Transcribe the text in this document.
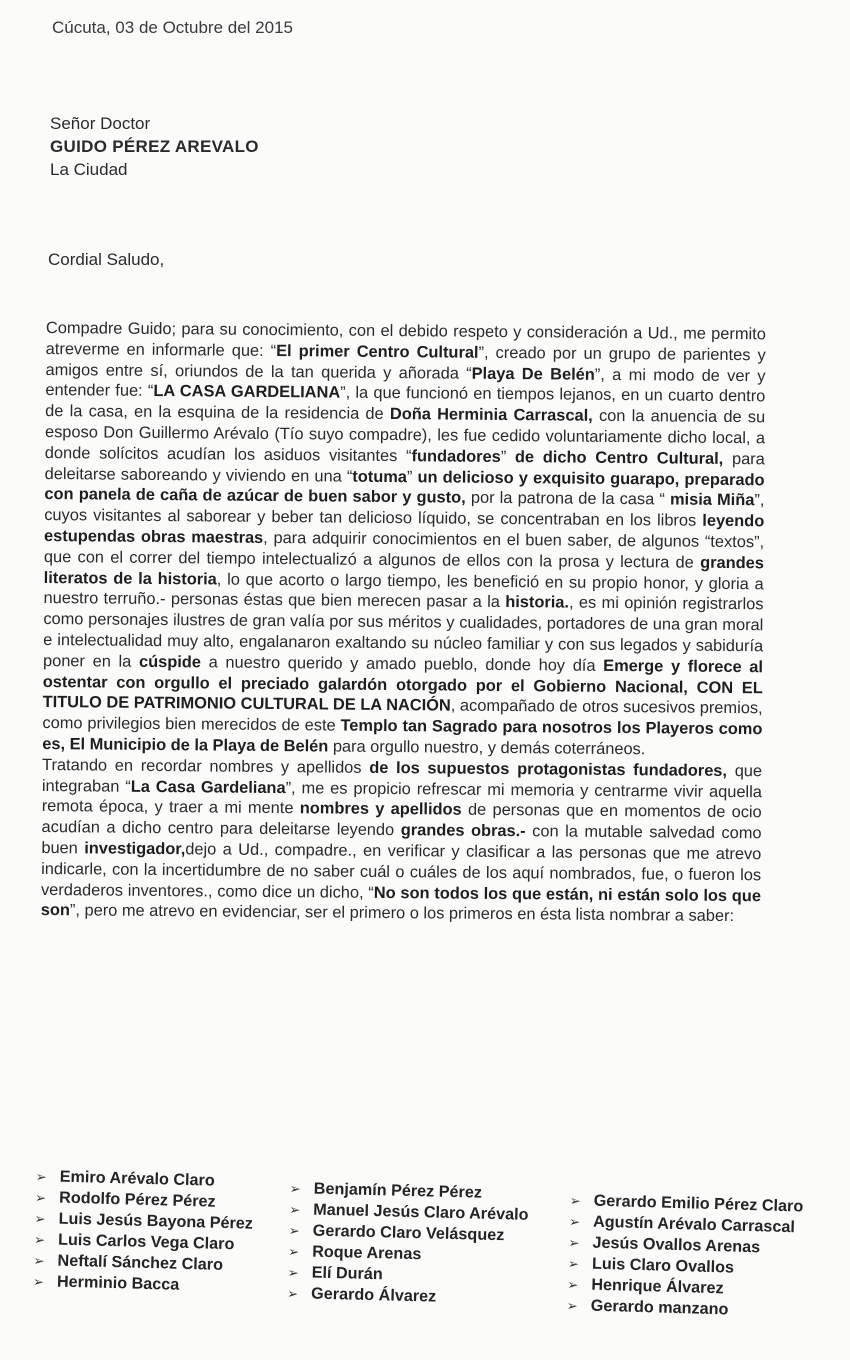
Cúcuta, 03 de Octubre del 2015
Señor Doctor
GUIDO PÉREZ AREVALO
La Ciudad
Cordial Saludo,

Compadre Guido; para su conocimiento, con el debido respeto y consideración a Ud., me permito atreverme en informarle que: “El primer Centro Cultural”, creado por un grupo de parientes y amigos entre sí, oriundos de la tan querida y añorada “Playa De Belén”, a mi modo de ver y entender fue: “LA CASA GARDELIANA”, la que funcionó en tiempos lejanos, en un cuarto dentro de la casa, en la esquina de la residencia de Doña Herminia Carrascal, con la anuencia de su esposo Don Guillermo Arévalo (Tío suyo compadre), les fue cedido voluntariamente dicho local, a donde solícitos acudían los asiduos visitantes “fundadores” de dicho Centro Cultural, para deleitarse saboreando y viviendo en una “totuma” un delicioso y exquisito guarapo, preparado con panela de caña de azúcar de buen sabor y gusto, por la patrona de la casa “ misia Miña”, cuyos visitantes al saborear y beber tan delicioso líquido, se concentraban en los libros leyendo estupendas obras maestras, para adquirir conocimientos en el buen saber, de algunos “textos”, que con el correr del tiempo intelectualizó a algunos de ellos con la prosa y lectura de grandes literatos de la historia, lo que acorto o largo tiempo, les benefició en su propio honor, y gloria a nuestro terruño.- personas éstas que bien merecen pasar a la historia., es mi opinión registrarlos como personajes ilustres de gran valía por sus méritos y cualidades, portadores de una gran moral e intelectualidad muy alto, engalanaron exaltando su núcleo familiar y con sus legados y sabiduría poner en la cúspide a nuestro querido y amado pueblo, donde hoy día Emerge y florece al ostentar con orgullo el preciado galardón otorgado por el Gobierno Nacional, CON EL TITULO DE PATRIMONIO CULTURAL DE LA NACIÓN, acompañado de otros sucesivos premios, como privilegios bien merecidos de este Templo tan Sagrado para nosotros los Playeros como es, El Municipio de la Playa de Belén para orgullo nuestro, y demás coterráneos.

Tratando en recordar nombres y apellidos de los supuestos protagonistas fundadores, que integraban “La Casa Gardeliana”, me es propicio refrescar mi memoria y centrarme vivir aquella remota época, y traer a mi mente nombres y apellidos de personas que en momentos de ocio acudían a dicho centro para deleitarse leyendo grandes obras.- con la mutable salvedad como buen investigador,dejo a Ud., compadre., en verificar y clasificar a las personas que me atrevo indicarle, con la incertidumbre de no saber cuál o cuáles de los aquí nombrados, fue, o fueron los verdaderos inventores., como dice un dicho, “No son todos los que están, ni están solo los que son”, pero me atrevo en evidenciar, ser el primero o los primeros en ésta lista nombrar a saber:

➢ Emiro Arévalo Claro
➢ Rodolfo Pérez Pérez
➢ Luis Jesús Bayona Pérez
➢ Luis Carlos Vega Claro
➢ Neftalí Sánchez Claro
➢ Herminio Bacca
➢ Benjamín Pérez Pérez
➢ Manuel Jesús Claro Arévalo
➢ Gerardo Claro Velásquez
➢ Roque Arenas
➢ Elí Durán
➢ Gerardo Álvarez
➢ Gerardo Emilio Pérez Claro
➢ Agustín Arévalo Carrascal
➢ Jesús Ovallos Arenas
➢ Luis Claro Ovallos
➢ Henrique Álvarez
➢ Gerardo manzano
